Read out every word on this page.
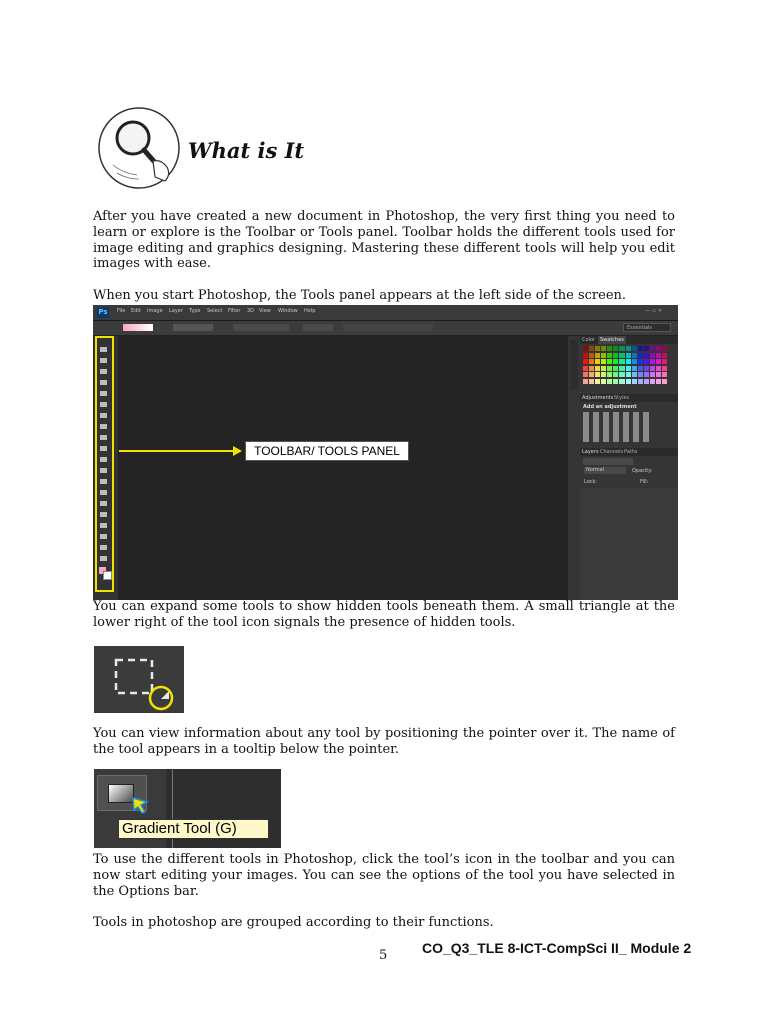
What is It
After you have created a new document in Photoshop, the very first thing you need to learn or explore is the Toolbar or Tools panel. Toolbar holds the different tools used for image editing and graphics designing. Mastering these different tools will help you edit images with ease.
When you start Photoshop, the Tools panel appears at the left side of the screen.
Ps File Edit Image Layer Type Select Filter 3D View Window Help	— ▭ ✕
Essentials
TOOLBAR/ TOOLS PANEL
Color Swatches
Adjustments Styles
Add an adjustment
Layers Channels Paths
Normal	Opacity:
Lock:	Fill:
You can expand some tools to show hidden tools beneath them. A small triangle at the lower right of the tool icon signals the presence of hidden tools.
You can view information about any tool by positioning the pointer over it. The name of the tool appears in a tooltip below the pointer.
Gradient Tool (G)
To use the different tools in Photoshop, click the tool’s icon in the toolbar and you can now start editing your images. You can see the options of the tool you have selected in the Options bar.
Tools in photoshop are grouped according to their functions.
5 CO_Q3_TLE 8-ICT-CompSci II_ Module 2
